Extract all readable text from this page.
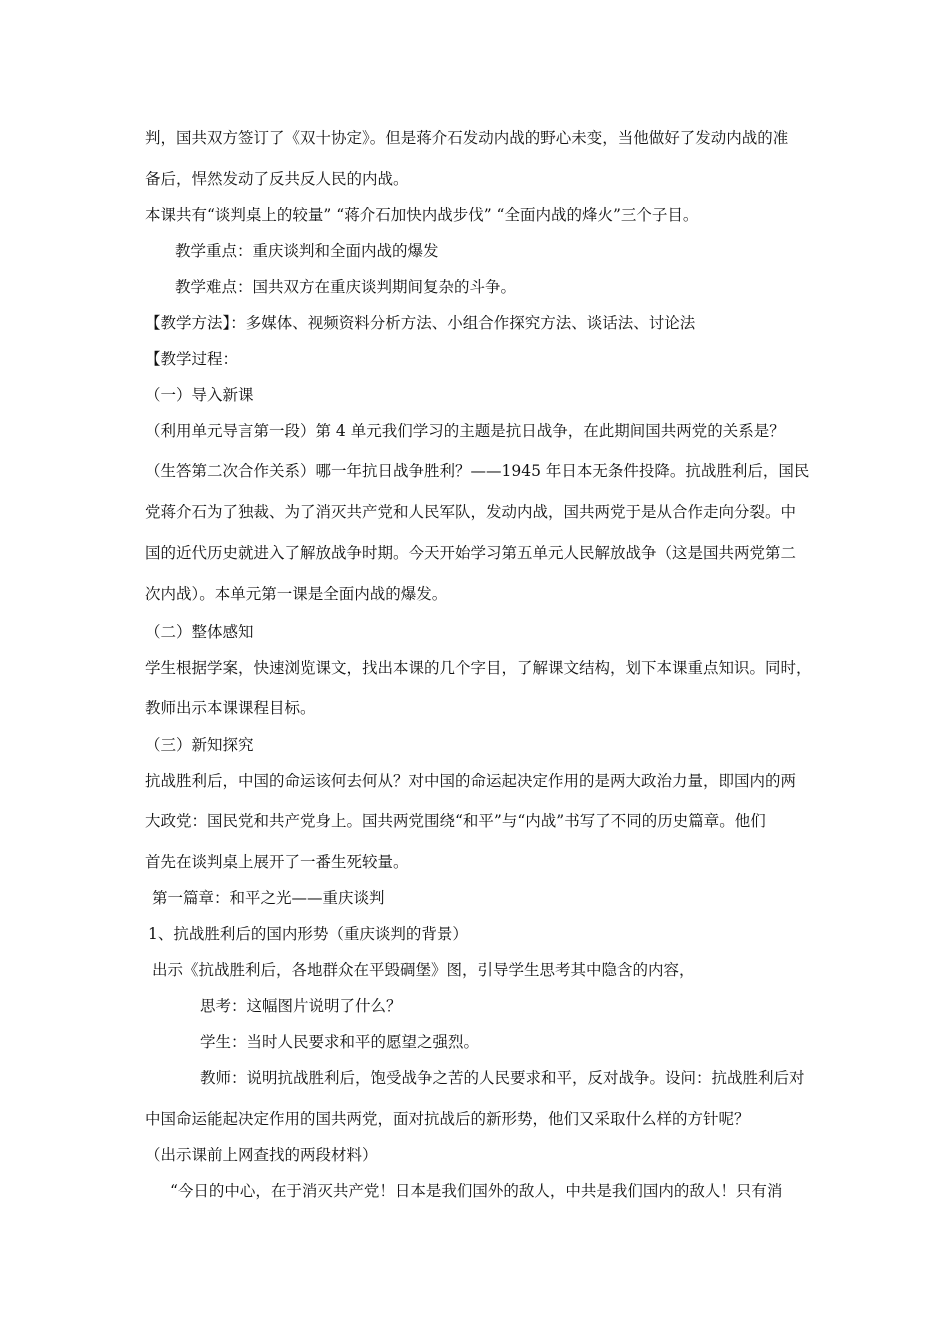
判，国共双方签订了《双十协定》。但是蒋介石发动内战的野心未变，当他做好了发动内战的准
备后，悍然发动了反共反人民的内战。
本课共有“谈判桌上的较量” “蒋介石加快内战步伐” “全面内战的烽火”三个子目。
教学重点：重庆谈判和全面内战的爆发
教学难点：国共双方在重庆谈判期间复杂的斗争。
【教学方法】：多媒体、视频资料分析方法、小组合作探究方法、谈话法、讨论法
【教学过程：
（一）导入新课
（利用单元导言第一段）第 4 单元我们学习的主题是抗日战争，在此期间国共两党的关系是？
（生答第二次合作关系）哪一年抗日战争胜利？——1945 年日本无条件投降。抗战胜利后，国民
党蒋介石为了独裁、为了消灭共产党和人民军队，发动内战，国共两党于是从合作走向分裂。中
国的近代历史就进入了解放战争时期。今天开始学习第五单元人民解放战争（这是国共两党第二
次内战）。本单元第一课是全面内战的爆发。
（二）整体感知
学生根据学案，快速浏览课文，找出本课的几个字目，了解课文结构，划下本课重点知识。同时，
教师出示本课课程目标。
（三）新知探究
抗战胜利后，中国的命运该何去何从？对中国的命运起决定作用的是两大政治力量，即国内的两
大政党：国民党和共产党身上。国共两党围绕“和平”与“内战”书写了不同的历史篇章。他们
首先在谈判桌上展开了一番生死较量。
第一篇章：和平之光——重庆谈判
1、抗战胜利后的国内形势（重庆谈判的背景）
出示《抗战胜利后，各地群众在平毁碉堡》图，引导学生思考其中隐含的内容，
思考：这幅图片说明了什么？
学生：当时人民要求和平的愿望之强烈。
教师：说明抗战胜利后，饱受战争之苦的人民要求和平，反对战争。设问：抗战胜利后对
中国命运能起决定作用的国共两党，面对抗战后的新形势，他们又采取什么样的方针呢？
（出示课前上网查找的两段材料）
“今日的中心，在于消灭共产党！日本是我们国外的敌人，中共是我们国内的敌人！只有消
